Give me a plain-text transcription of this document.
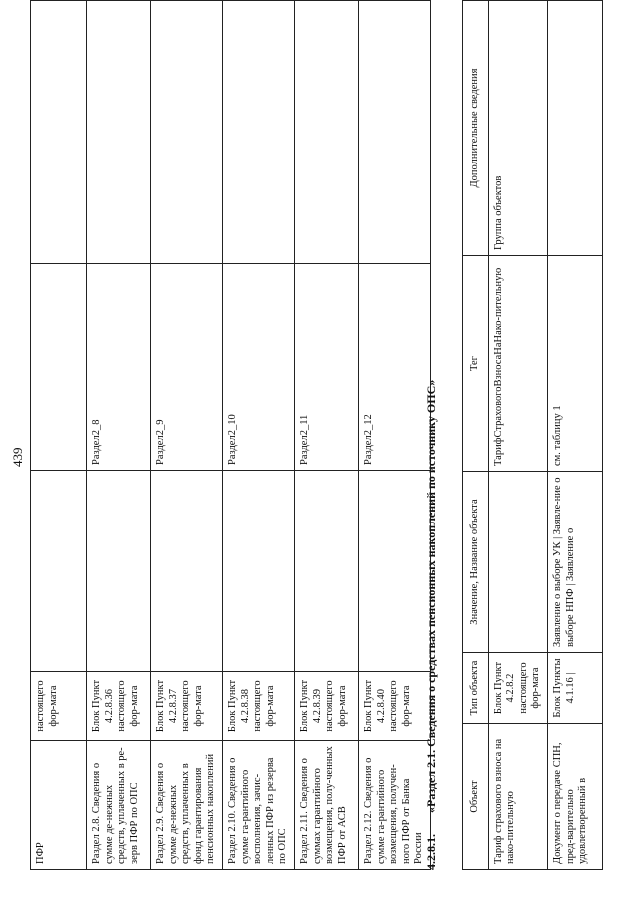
439
ПФР	настоящего фор-мата			
Раздел 2.8. Сведения о сумме де-нежных средств, уплаченных в ре-зерв ПФР по ОПС	Блок Пункт 4.2.8.36 настоящего фор-мата		Раздел2_8	
Раздел 2.9. Сведения о сумме де-нежных средств, уплаченных в фонд гарантирования пенсионных накоплений	Блок Пункт 4.2.8.37 настоящего фор-мата		Раздел2_9	
Раздел 2.10. Сведения о сумме га-рантийного восполнения, зачис-ленных ПФР из резерва по ОПС	Блок Пункт 4.2.8.38 настоящего фор-мата		Раздел2_10	
Раздел 2.11. Сведения о суммах гарантийного возмещения, полу-ченных ПФР от АСВ	Блок Пункт 4.2.8.39 настоящего фор-мата		Раздел2_11	
Раздел 2.12. Сведения о сумме га-рантийного возмещения, получен-ного ПФР от Банка России	Блок Пункт 4.2.8.40 настоящего фор-мата		Раздел2_12	
4.2.8.1. «Раздел 2.1. Сведения о средствах пенсионных накоплений по источнику ОПС»	Объект	Тип объекта	Значение, Название объекта	Тег	Дополнительные сведения
Тариф страхового взноса на нако-пительную	Блок Пункт 4.2.8.2 настоящего фор-мата		ТарифСтраховогоВзносаНаНако-пительную	Группа объектов
Документ о передаче СПН, пред-варительно удовлетворенный в	Блок Пункты 4.1.16 |	Заявление о выборе УК | Заявле-ние о выборе НПФ | Заявление о	см. таблицу 1	
